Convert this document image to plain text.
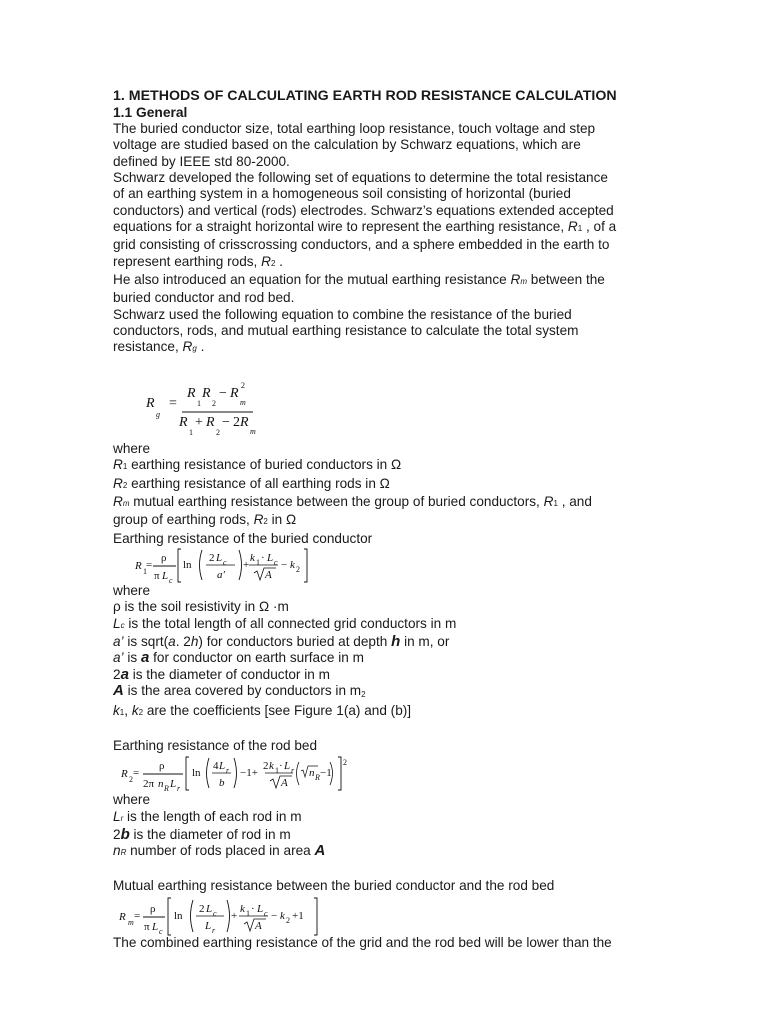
1. METHODS OF CALCULATING EARTH ROD RESISTANCE CALCULATION

1.1 General

The buried conductor size, total earthing loop resistance, touch voltage and step

voltage are studied based on the calculation by Schwarz equations, which are

defined by IEEE std 80-2000.

Schwarz developed the following set of equations to determine the total resistance

of an earthing system in a homogeneous soil consisting of horizontal (buried

conductors) and vertical (rods) electrodes. Schwarz’s equations extended accepted

equations for a straight horizontal wire to represent the earthing resistance, R1 , of a

grid consisting of crisscrossing conductors, and a sphere embedded in the earth to

represent earthing rods, R2 .

He also introduced an equation for the mutual earthing resistance Rm between the

buried conductor and rod bed.

Schwarz used the following equation to combine the resistance of the buried

conductors, rods, and mutual earthing resistance to calculate the total system

resistance, Rg .

R
g
=
R
1
R
2
− R
m
2
R
1
+ R
2
− 2 R
m

where

R1 earthing resistance of buried conductors in Ω

R2 earthing resistance of all earthing rods in Ω

Rm mutual earthing resistance between the group of buried conductors, R1 , and

group of earthing rods, R2 in Ω

Earthing resistance of the buried conductor

R 1
=
ρ
π L c
ln
2 L c
a′
+
k 1 · L c
A
− k 2

where

ρ is the soil resistivity in Ω ·m

Lc is the total length of all connected grid conductors in m

a’ is sqrt(a. 2h) for conductors buried at depth h in m, or

a’ is a for conductor on earth surface in m

2a is the diameter of conductor in m

A is the area covered by conductors in $m_2$

k1, k2 are the coefficients [see Figure 1(a) and (b)]

Earthing resistance of the rod bed

R 2
=
ρ
2π n R L r
ln
4 L r
b
−1+
2 k 1 · L r
A
n R −1
2

where

Lr is the length of each rod in m

2b is the diameter of rod in m

nR number of rods placed in area A

Mutual earthing resistance between the buried conductor and the rod bed

R m
=
ρ
π L c
ln
2 L c
L r
+
k 1 · L c
A
− k 2 +1

The combined earthing resistance of the grid and the rod bed will be lower than the
